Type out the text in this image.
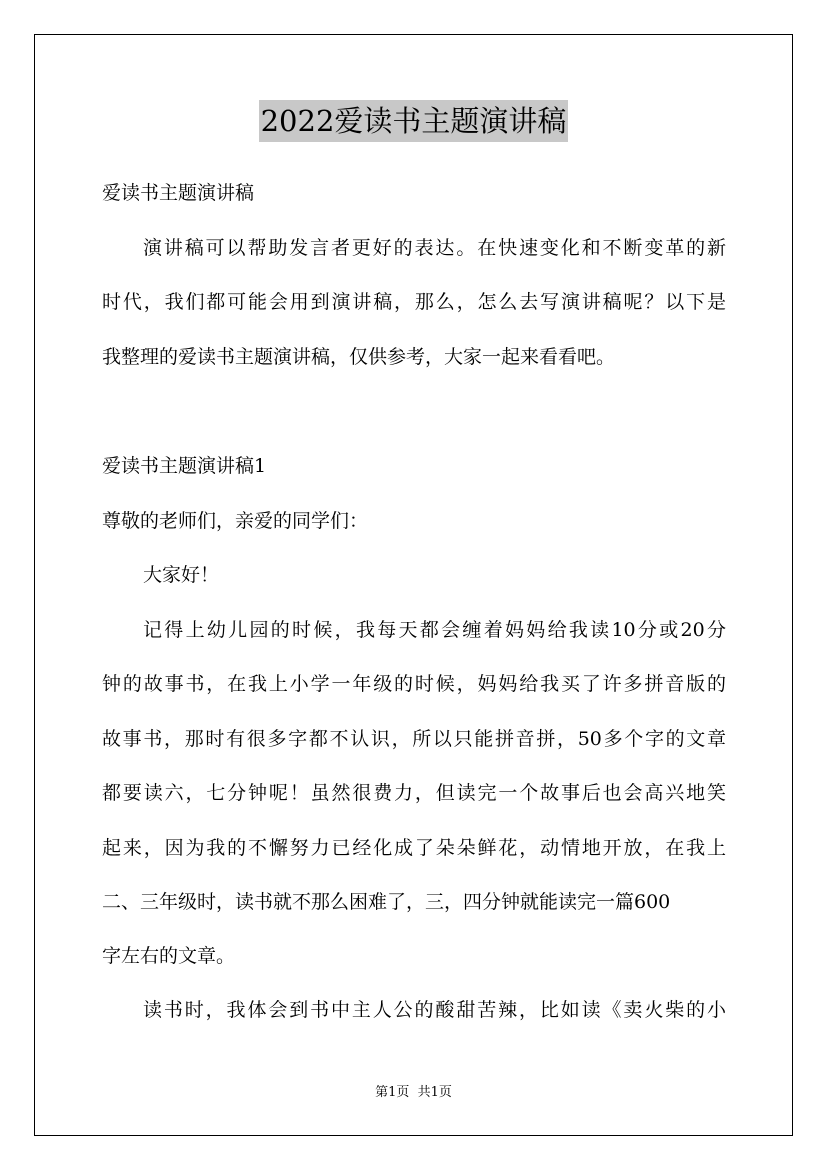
2022爱读书主题演讲稿
爱读书主题演讲稿
演讲稿可以帮助发言者更好的表达。在快速变化和不断变革的新
时代，我们都可能会用到演讲稿，那么，怎么去写演讲稿呢？以下是
我整理的爱读书主题演讲稿，仅供参考，大家一起来看看吧。
爱读书主题演讲稿1
尊敬的老师们，亲爱的同学们：
大家好！
记得上幼儿园的时候，我每天都会缠着妈妈给我读10分或20分
钟的故事书，在我上小学一年级的时候，妈妈给我买了许多拼音版的
故事书，那时有很多字都不认识，所以只能拼音拼，50多个字的文章
都要读六，七分钟呢！虽然很费力，但读完一个故事后也会高兴地笑
起来，因为我的不懈努力已经化成了朵朵鲜花，动情地开放，在我上
二、三年级时，读书就不那么困难了，三，四分钟就能读完一篇600
字左右的文章。
读书时，我体会到书中主人公的酸甜苦辣，比如读《卖火柴的小
第1页  共1页
